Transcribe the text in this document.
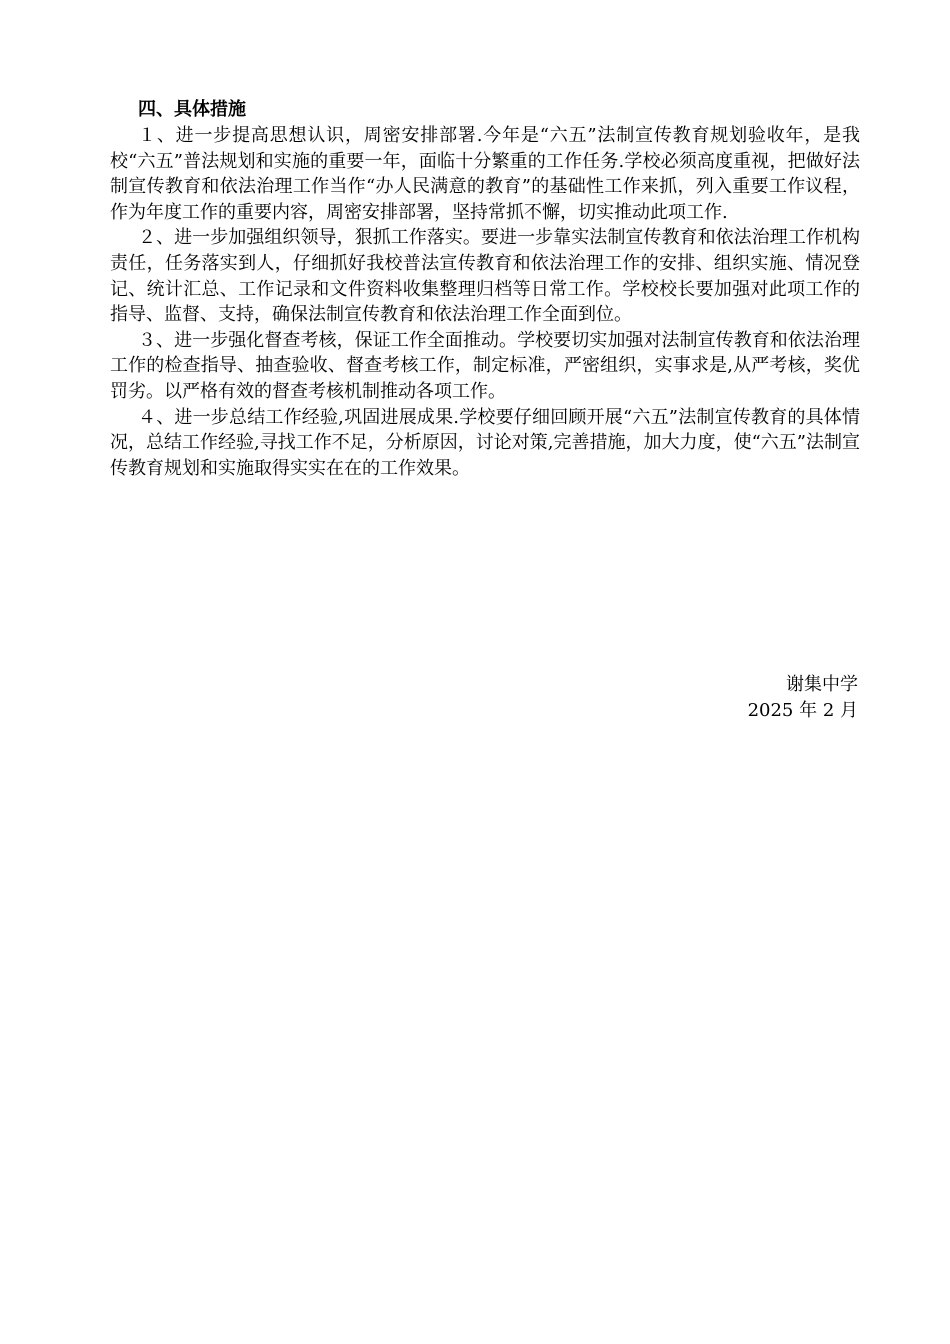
四、具体措施

１、进一步提高思想认识，周密安排部署.今年是“六五”法制宣传教育规划验收年，是我校“六五”普法规划和实施的重要一年，面临十分繁重的工作任务.学校必须高度重视，把做好法制宣传教育和依法治理工作当作“办人民满意的教育”的基础性工作来抓，列入重要工作议程，作为年度工作的重要内容，周密安排部署，坚持常抓不懈，切实推动此项工作.

２、进一步加强组织领导，狠抓工作落实。要进一步靠实法制宣传教育和依法治理工作机构责任，任务落实到人，仔细抓好我校普法宣传教育和依法治理工作的安排、组织实施、情况登记、统计汇总、工作记录和文件资料收集整理归档等日常工作。学校校长要加强对此项工作的指导、监督、支持，确保法制宣传教育和依法治理工作全面到位。

３、进一步强化督查考核，保证工作全面推动。学校要切实加强对法制宣传教育和依法治理工作的检查指导、抽查验收、督查考核工作，制定标准，严密组织，实事求是,从严考核，奖优罚劣。以严格有效的督查考核机制推动各项工作。

４、进一步总结工作经验,巩固进展成果.学校要仔细回顾开展“六五”法制宣传教育的具体情况，总结工作经验,寻找工作不足，分析原因，讨论对策,完善措施，加大力度，使“六五”法制宣传教育规划和实施取得实实在在的工作效果。

谢集中学
2025 年 2 月
